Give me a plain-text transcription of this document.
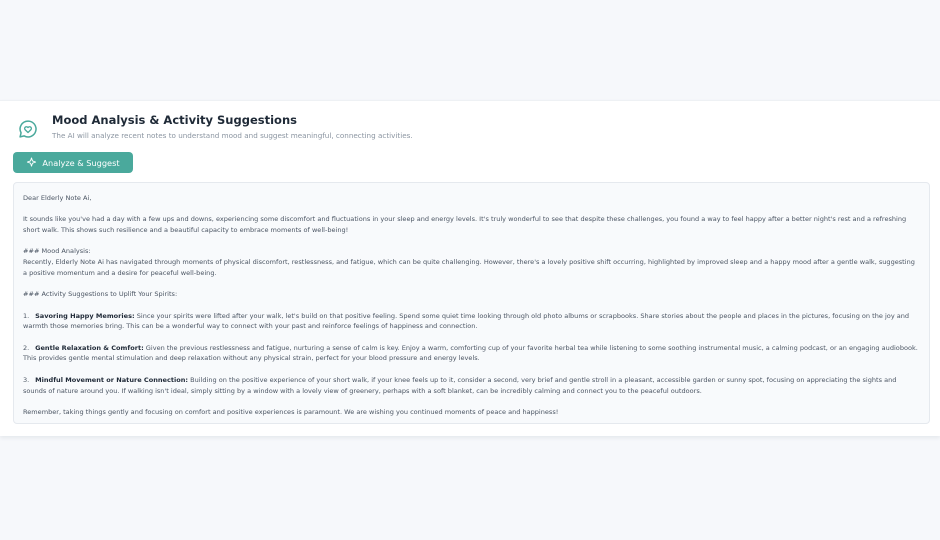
Mood Analysis & Activity Suggestions
The AI will analyze recent notes to understand mood and suggest meaningful, connecting activities.
Analyze & Suggest

Dear Elderly Note Ai,

It sounds like you've had a day with a few ups and downs, experiencing some discomfort and fluctuations in your sleep and energy levels. It's truly wonderful to see that despite these challenges, you found a way to feel happy after a better night's rest and a refreshing short walk. This shows such resilience and a beautiful capacity to embrace moments of well-being!

### Mood Analysis:

Recently, Elderly Note Ai has navigated through moments of physical discomfort, restlessness, and fatigue, which can be quite challenging. However, there's a lovely positive shift occurring, highlighted by improved sleep and a happy mood after a gentle walk, suggesting a positive momentum and a desire for peaceful well-being.

### Activity Suggestions to Uplift Your Spirits:

1. Savoring Happy Memories: Since your spirits were lifted after your walk, let's build on that positive feeling. Spend some quiet time looking through old photo albums or scrapbooks. Share stories about the people and places in the pictures, focusing on the joy and warmth those memories bring. This can be a wonderful way to connect with your past and reinforce feelings of happiness and connection.

2. Gentle Relaxation & Comfort: Given the previous restlessness and fatigue, nurturing a sense of calm is key. Enjoy a warm, comforting cup of your favorite herbal tea while listening to some soothing instrumental music, a calming podcast, or an engaging audiobook. This provides gentle mental stimulation and deep relaxation without any physical strain, perfect for your blood pressure and energy levels.

3. Mindful Movement or Nature Connection: Building on the positive experience of your short walk, if your knee feels up to it, consider a second, very brief and gentle stroll in a pleasant, accessible garden or sunny spot, focusing on appreciating the sights and sounds of nature around you. If walking isn't ideal, simply sitting by a window with a lovely view of greenery, perhaps with a soft blanket, can be incredibly calming and connect you to the peaceful outdoors.

Remember, taking things gently and focusing on comfort and positive experiences is paramount. We are wishing you continued moments of peace and happiness!
